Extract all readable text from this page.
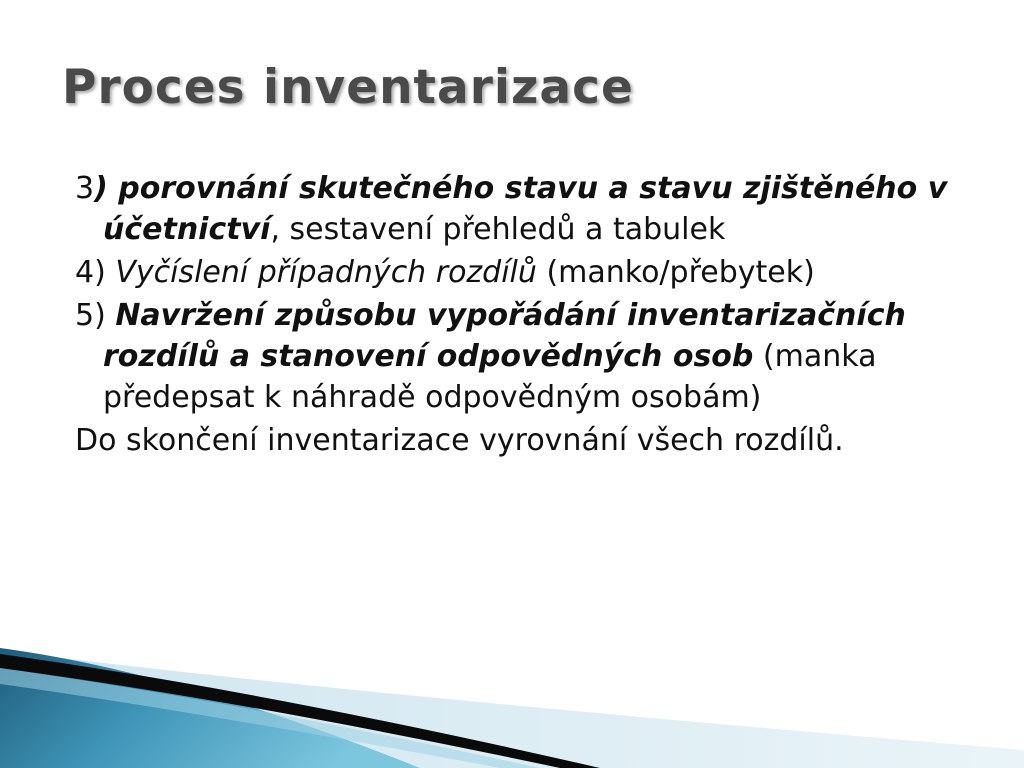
Proces inventarizace

3) porovnání skutečného stavu a stavu zjištěného v účetnictví, sestavení přehledů a tabulek

4) Vyčíslení případných rozdílů (manko/přebytek)

5) Navržení způsobu vypořádání inventarizačních rozdílů a stanovení odpovědných osob (manka předepsat k náhradě odpovědným osobám)

Do skončení inventarizace vyrovnání všech rozdílů.
